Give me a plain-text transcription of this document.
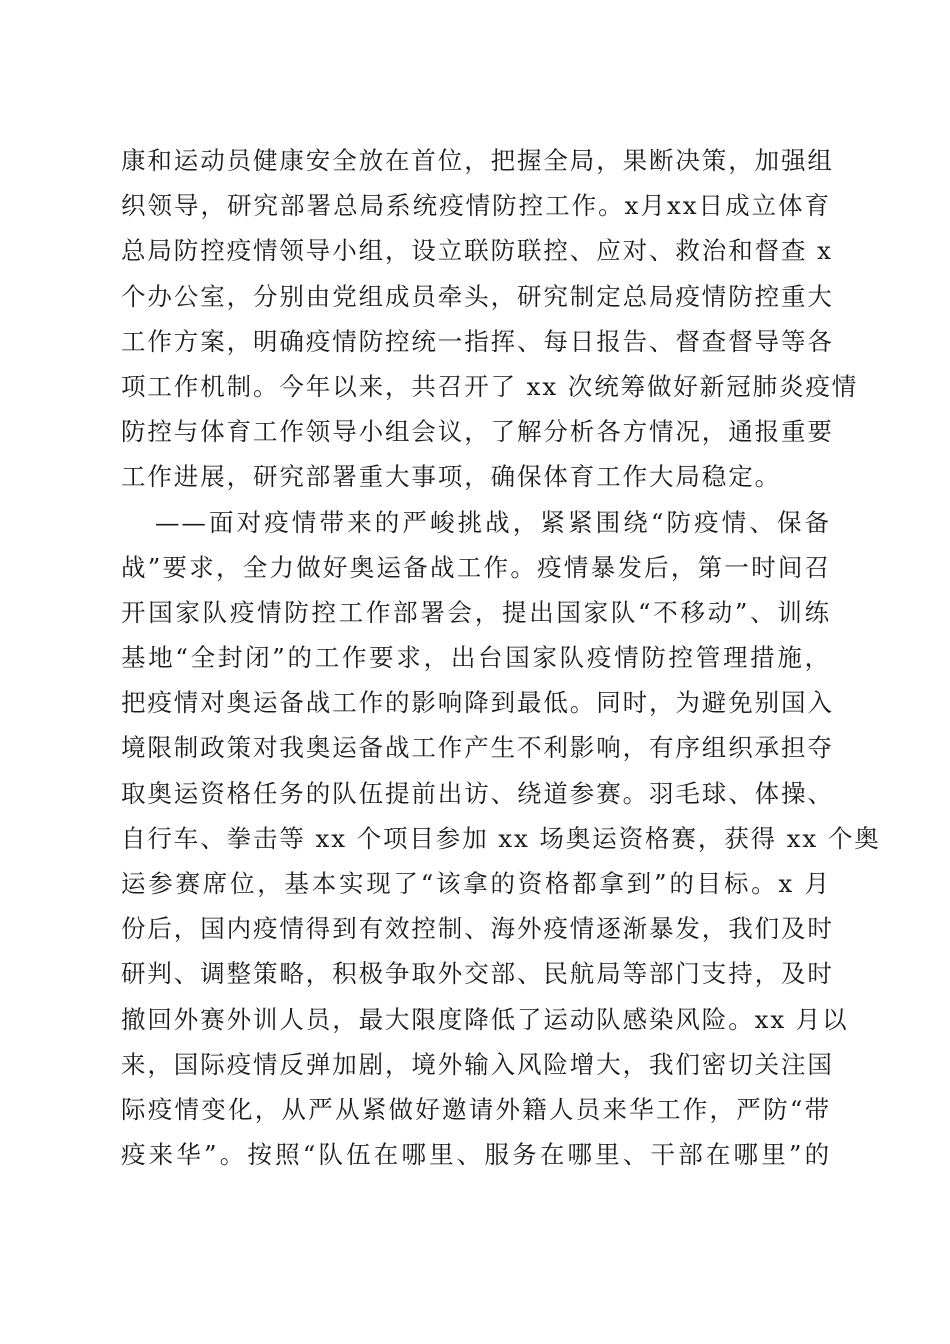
康和运动员健康安全放在首位，把握全局，果断决策，加强组
织领导，研究部署总局系统疫情防控工作。x月xx日成立体育
总局防控疫情领导小组，设立联防联控、应对、救治和督查 x
个办公室，分别由党组成员牵头，研究制定总局疫情防控重大
工作方案，明确疫情防控统一指挥、每日报告、督查督导等各
项工作机制。今年以来，共召开了 xx 次统筹做好新冠肺炎疫情
防控与体育工作领导小组会议，了解分析各方情况，通报重要
工作进展，研究部署重大事项，确保体育工作大局稳定。
——面对疫情带来的严峻挑战，紧紧围绕“防疫情、保备
战”要求，全力做好奥运备战工作。疫情暴发后，第一时间召
开国家队疫情防控工作部署会，提出国家队“不移动”、训练
基地“全封闭”的工作要求，出台国家队疫情防控管理措施，
把疫情对奥运备战工作的影响降到最低。同时，为避免别国入
境限制政策对我奥运备战工作产生不利影响，有序组织承担夺
取奥运资格任务的队伍提前出访、绕道参赛。羽毛球、体操、
自行车、拳击等 xx 个项目参加 xx 场奥运资格赛，获得 xx 个奥
运参赛席位，基本实现了“该拿的资格都拿到”的目标。x 月
份后，国内疫情得到有效控制、海外疫情逐渐暴发，我们及时
研判、调整策略，积极争取外交部、民航局等部门支持，及时
撤回外赛外训人员，最大限度降低了运动队感染风险。xx 月以
来，国际疫情反弹加剧，境外输入风险增大，我们密切关注国
际疫情变化，从严从紧做好邀请外籍人员来华工作，严防“带
疫来华”。按照“队伍在哪里、服务在哪里、干部在哪里”的
